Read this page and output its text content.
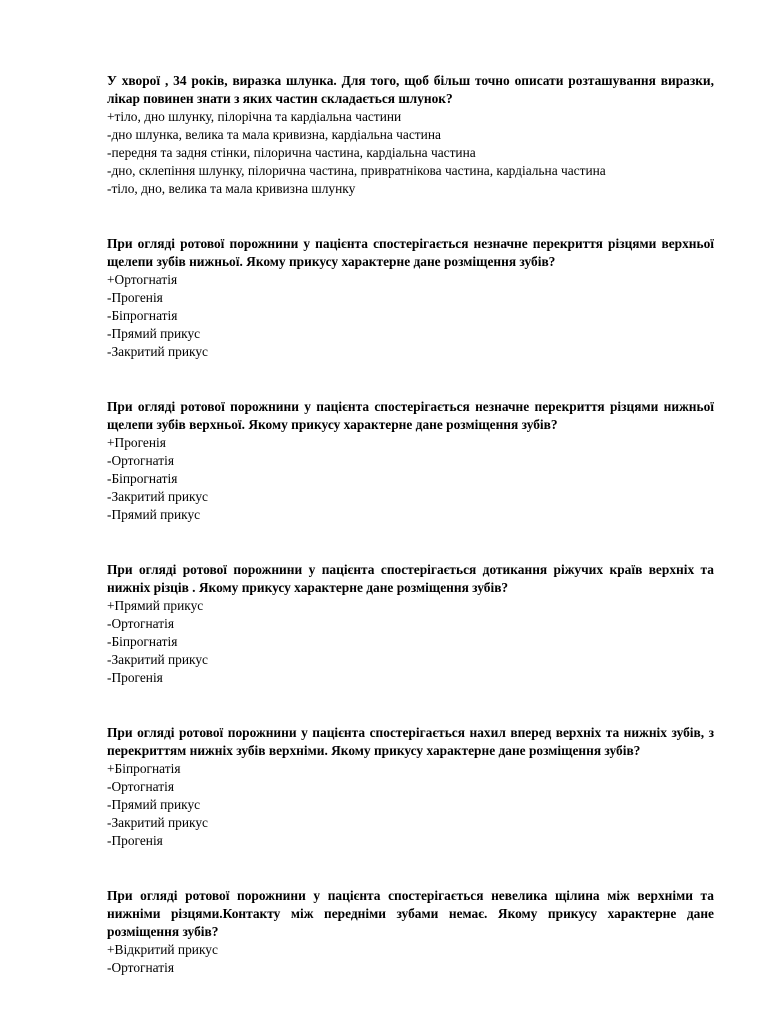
У хворої , 34 років, виразка шлунка. Для того, щоб більш точно описати розташування виразки, лікар повинен знати з яких частин складається шлунок?

+тіло, дно шлунку, пілорічна та кардіальна частини
-дно шлунка, велика та мала кривизна, кардіальна частина
-передня та задня стінки, пілорична частина, кардіальна частина
-дно, склепіння шлунку, пілорична частина, привратнікова частина, кардіальна частина
-тіло, дно, велика та мала кривизна шлунку

При огляді ротової порожнини у пацієнта спостерігається незначне перекриття різцями верхньої щелепи зубів нижньої. Якому прикусу характерне дане розміщення зубів?

+Ортогнатія
-Прогенія
-Біпрогнатія
-Прямий прикус
-Закритий прикус

При огляді ротової порожнини у пацієнта спостерігається незначне перекриття різцями нижньої щелепи зубів верхньої. Якому прикусу характерне дане розміщення зубів?

+Прогенія
-Ортогнатія
-Біпрогнатія
-Закритий прикус
-Прямий прикус

При огляді ротової порожнини у пацієнта спостерігається дотикання ріжучих країв верхніх та нижніх різців . Якому прикусу характерне дане розміщення зубів?

+Прямий прикус
-Ортогнатія
-Біпрогнатія
-Закритий прикус
-Прогенія

При огляді ротової порожнини у пацієнта спостерігається нахил вперед верхніх та нижніх зубів, з перекриттям нижніх зубів верхніми. Якому прикусу характерне дане розміщення зубів?

+Біпрогнатія
-Ортогнатія
-Прямий прикус
-Закритий прикус
-Прогенія

При огляді ротової порожнини у пацієнта спостерігається невелика щілина між верхніми та нижніми різцями.Контакту між передніми зубами немає. Якому прикусу характерне дане розміщення зубів?

+Відкритий прикус
-Ортогнатія
